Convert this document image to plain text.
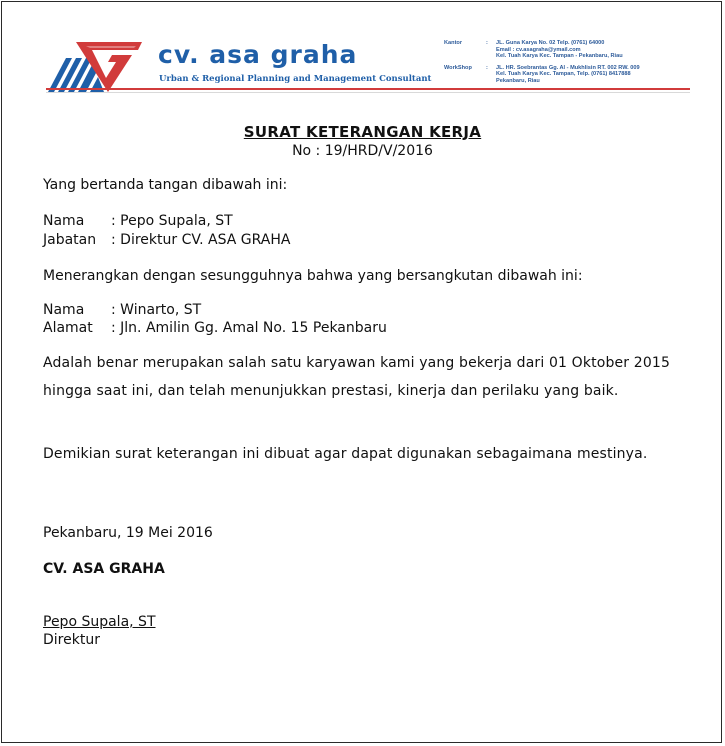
cv. asa graha
Urban & Regional Planning and Management Consultant
Kantor	:	JL. Guna Karya No. 02 Telp. (0761) 64000
Email : cv.asagraha@ymail.com
Kel. Tuah Karya Kec. Tampan - Pekanbaru, Riau
WorkShop	:	JL. HR. Soebrantas Gg. Al - Mukhlisin RT. 002 RW. 009
Kel. Tuah Karya Kec. Tampan, Telp. (0761) 8417888
Pekanbaru, Riau
SURAT KETERANGAN KERJA
No : 19/HRD/V/2016
Yang bertanda tangan dibawah ini:
Nama : Pepo Supala, ST
Jabatan : Direktur CV. ASA GRAHA
Menerangkan dengan sesungguhnya bahwa yang bersangkutan dibawah ini:
Nama : Winarto, ST
Alamat : Jln. Amilin Gg. Amal No. 15 Pekanbaru
Adalah benar merupakan salah satu karyawan kami yang bekerja dari 01 Oktober 2015 hingga saat ini, dan telah menunjukkan prestasi, kinerja dan perilaku yang baik.
Demikian surat keterangan ini dibuat agar dapat digunakan sebagaimana mestinya.
Pekanbaru, 19 Mei 2016
CV. ASA GRAHA
Pepo Supala, ST
Direktur
